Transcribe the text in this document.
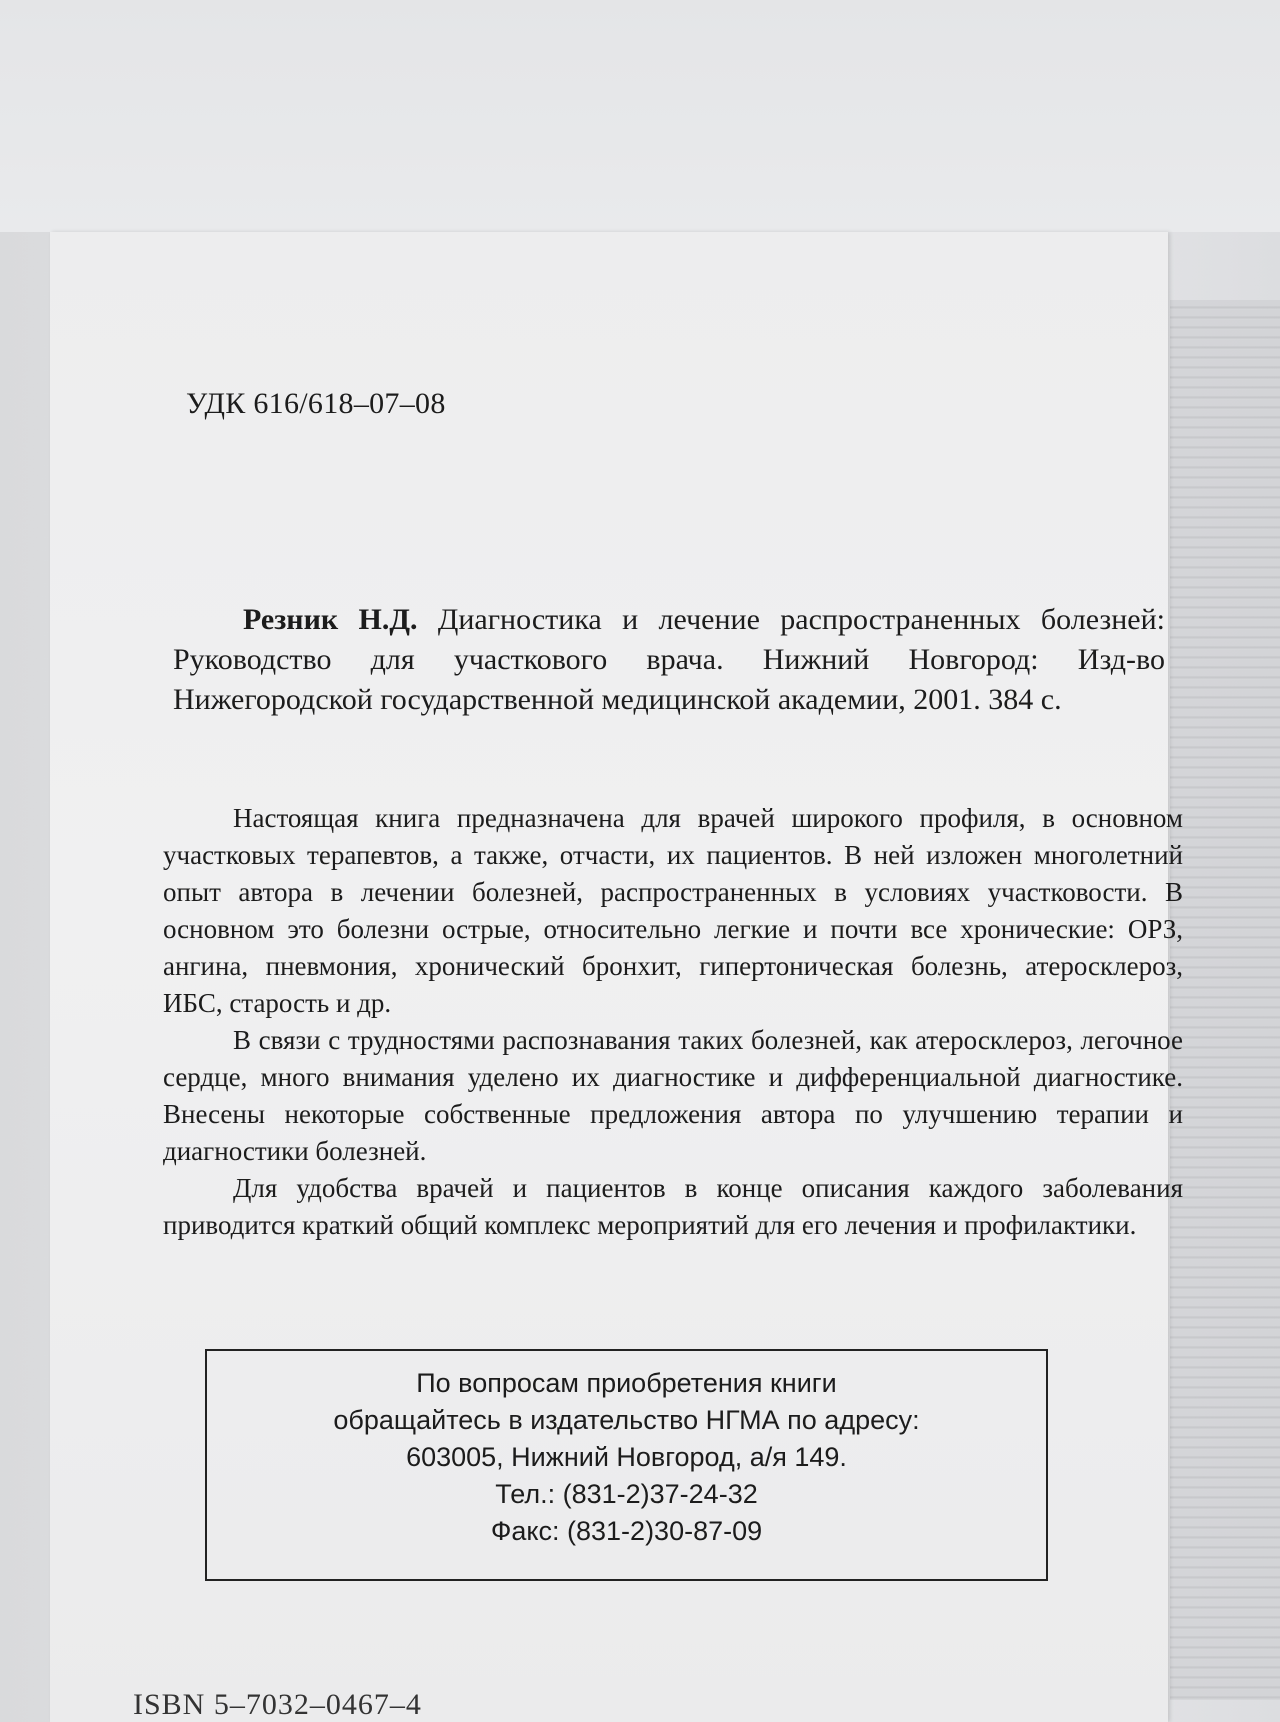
УДК 616/618–07–08

Резник Н.Д. Диагностика и лечение распространенных болезней: Руководство для участкового врача. Нижний Новгород: Изд-во Нижегородской государственной медицинской академии, 2001. 384 с.

Настоящая книга предназначена для врачей широкого профиля, в основном участковых терапевтов, а также, отчасти, их пациентов. В ней изложен многолетний опыт автора в лечении болезней, распространенных в условиях участковости. В основном это болезни острые, относительно легкие и почти все хронические: ОРЗ, ангина, пневмония, хронический бронхит, гипертоническая болезнь, атеросклероз, ИБС, старость и др.

В связи с трудностями распознавания таких болезней, как атеросклероз, легочное сердце, много внимания уделено их диагностике и дифференциальной диагностике. Внесены некоторые собственные предложения автора по улучшению терапии и диагностики болезней.

Для удобства врачей и пациентов в конце описания каждого заболевания приводится краткий общий комплекс мероприятий для его лечения и профилактики.

По вопросам приобретения книги
обращайтесь в издательство НГМА по адресу:
603005, Нижний Новгород, а/я 149.
Тел.: (831-2)37-24-32
Факс: (831-2)30-87-09
ISBN 5–7032–0467–4
